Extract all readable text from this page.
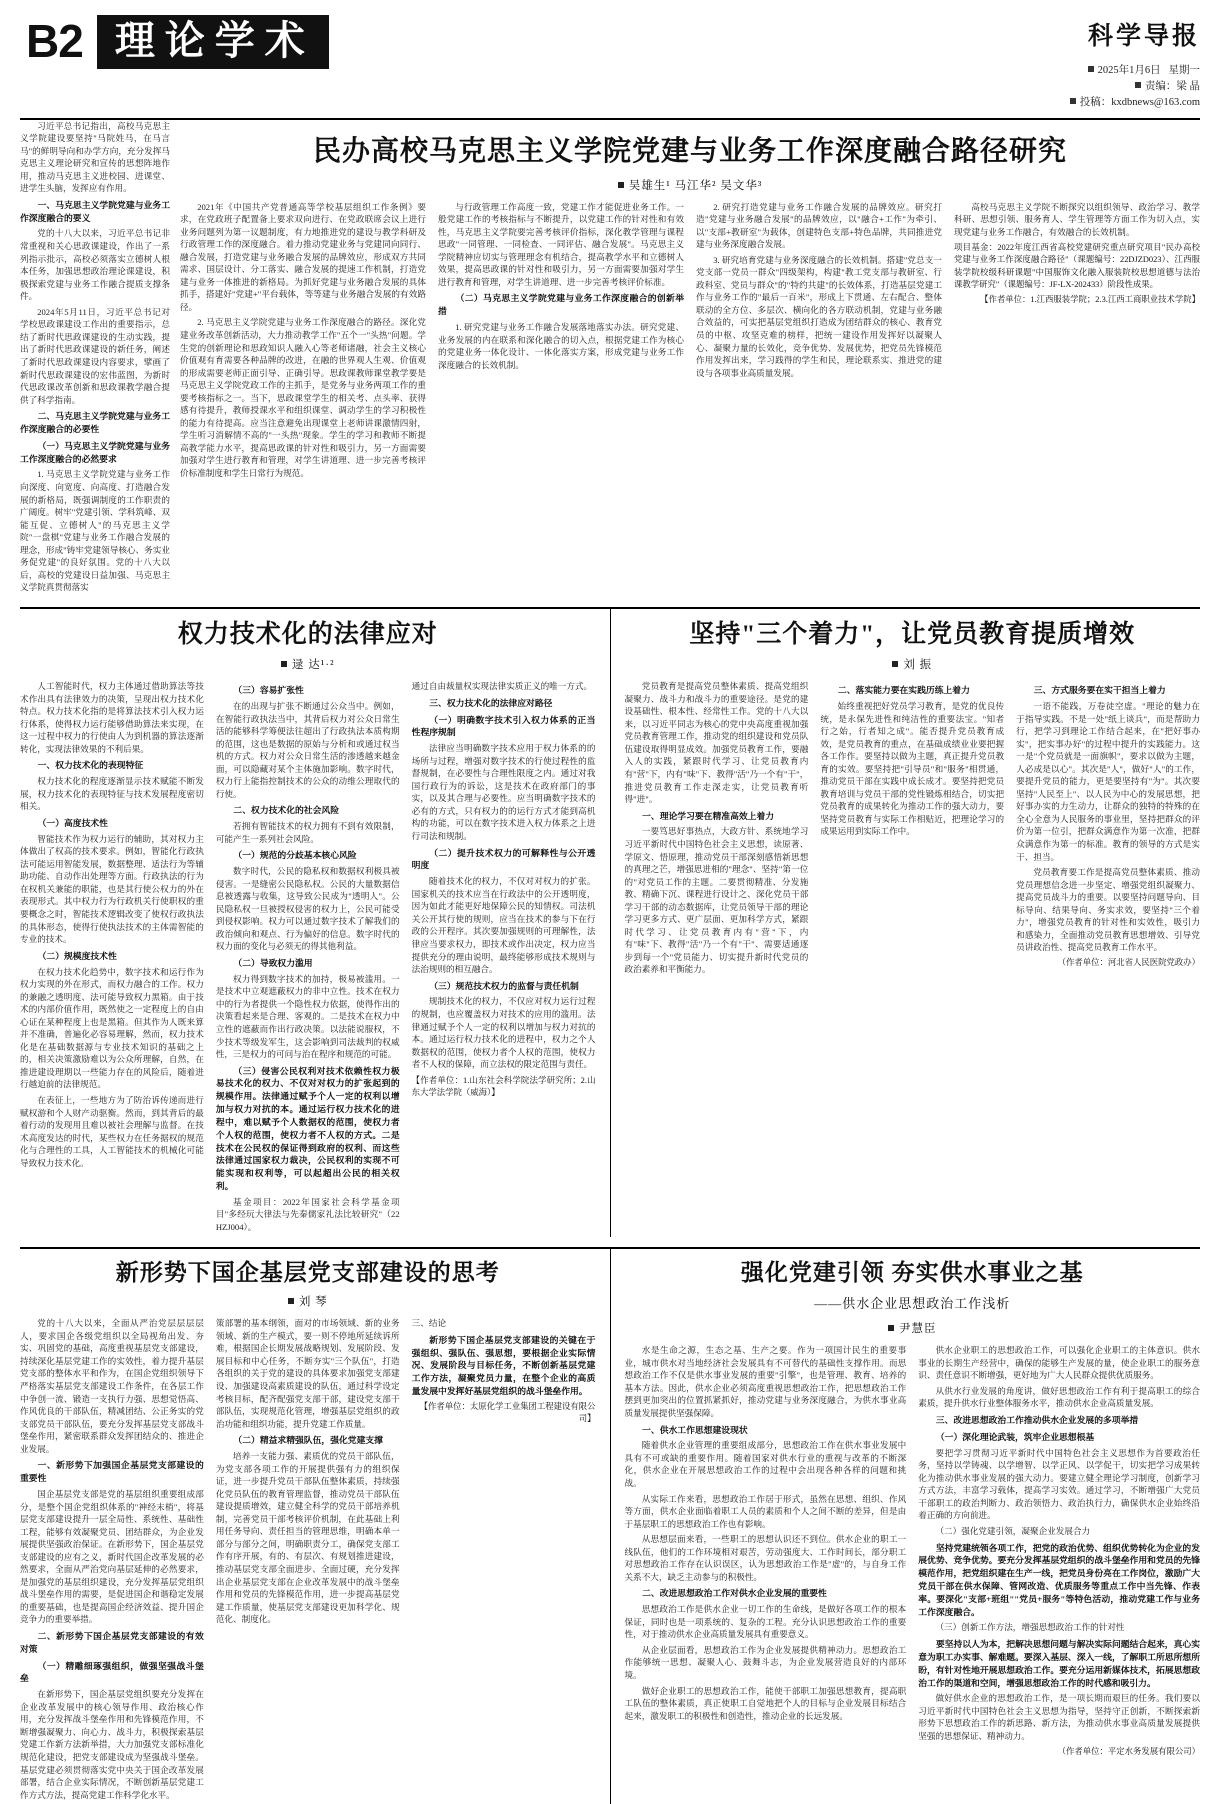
B2 理论学术	科学导报
2025年1月6日 星期一
责编：梁 晶
投稿：kxdbnews@163.com

习近平总书记指出，高校马克思主义学院建设要坚持"马院姓马，在马言马"的鲜明导向和办学方向，充分发挥马克思主义理论研究和宣传的思想阵地作用，推动马克思主义进校园、进课堂、进学生头脑，发挥应有作用。

一、马克思主义学院党建与业务工作深度融合的要义

党的十八大以来，习近平总书记非常重视和关心思政课建设，作出了一系列指示批示，高校必须落实立德树人根本任务，加强思想政治理论课建设，积极探索党建与业务工作融合提质支撑条件。

2024年5月11日，习近平总书记对学校思政课建设工作出的重要指示，总结了新时代思政课建设的生动实践，提出了新时代思政课建设的新任务，阐述了新时代思政课建设内容要求，擘画了新时代思政课建设的宏伟蓝图，为新时代思政课改革创新和思政课教学融合提供了科学指南。

二、马克思主义学院党建与业务工作深度融合的必要性

（一）马克思主义学院党建与业务工作深度融合的必然要求

1. 马克思主义学院党建与业务工作向深度、向宽度、向高度、打造融合发展的新格局，既强调制度的工作职责的广阔度。树牢"党建引领、学科筑峰、双能互促、立德树人"的马克思主义学院"一盘棋"党建与业务工作融合发展的理念，形成"铸牢党建领导核心、务实业务促党建"的良好氛围。党的十八大以后，高校的党建设日益加强、马克思主义学院真贯彻落实

民办高校马克思主义学院党建与业务工作深度融合路径研究
吴雄生¹ 马江华² 吴文华³

2021年《中国共产党普通高等学校基层组织工作条例》要求，在党政班子配置备上要求双向进行、在党政联席会议上进行业务问题列为第一议题制度，有力地推进党的建设与教学科研及行政管理工作的深度融合。着力推动党建业务与党建同向同行、融合发展，打造党建与业务融合发展的品牌效应，形成双方共同需求、国层设计、分工落实、融合发展的提速工作机制，打造党建与业务一体推进的新格局。为抓好党建与业务融合发展的具体抓手，搭建好"党建+"平台载体，等等建与业务融合发展的有效路径。

2. 马克思主义学院党建与业务工作深度融合的路径。深化党建业务改革创新活动，大力推动教学工作"五个一"头热"问题。学生党的创新理论和思政知识人融入心等老师诸融，社会主义核心价值观有育需要各种品牌的改进，在融的世界观人生观、价值观的形成需要老师正面引导、正确引导。思政课教师课堂教学要是马克思主义学院党政工作的主抓手，是党务与业务两项工作的重要考核指标之一。当下，思政课堂学生的相关考、点头率、获得感有待提升，教师授课水平和组织课堂、调动学生的学习积极性的能力有待提高。应当注意避免出现课堂上老师讲课激情四射，学生听习消解情不高的"一头热"现象。学生的学习和教师不断提高教学能力水平，提高思政课的针对性和吸引力，另一方面需要加强对学生进行教育和管理，对学生讲道理、进一步完善考核评价标准制度和学生日常行为规范。

与行政管理工作高度一致，党建工作才能促进业务工作。一般党建工作的考核指标与不断提升，以党建工作的针对性和有效性，马克思主义学院要完善考核评价指标，深化教学管理与课程思政"一同管理、一同检查、一同评估、融合发展"。马克思主义学院精神应切实与管理理念有机结合，提高教学水平和立德树人效果，提高思政课的针对性和吸引力，另一方面需要加强对学生进行教育和管理，对学生讲道理、进一步完善考核评价标准。

（二）马克思主义学院党建与业务工作深度融合的创新举措

1. 研究党建与业务工作融合发展落地落实办法。研究党建、业务发展的内在联系和深化融合的切入点，根据党建工作为核心的党建业务一体化设计、一体化落实方案，形成党建与业务工作深度融合的长效机制。

2. 研究打造党建与业务工作融合发展的品牌效应。研究打造"党建与业务融合发展"的品牌效应，以"融合+工作"为牵引、以"支部+教研室"为载体，创建特色支部+特色品牌，共同推进党建与业务深度融合发展。

3. 研究培育党建与业务深度融合的长效机制。搭建"党总支一党支部一党员一群众"四级架构，构建"教工党支部与教研室、行政科室、党员与群众"的"特约共建"的长效体系，打造基层党建工作与业务工作的"最后一百米"，形成上下贯通、左右配合、整体联动的全方位、多层次、横向化的各方联动机制，党建与业务融合效益的，可实把基层党组织打造成为团结群众的核心、教育党员的中枢、攻坚克难的榜样，把统一建设作用发挥好以凝聚人心、凝聚力量的长效化，竞争优势、发展优势，把党员先锋模范作用发挥出来，学习践得的学生和民，理论联系实、推进党的建设与各项事业高质量发展。

高校马克思主义学院不断探究以组织领导、政治学习、教学科研、思想引领、服务育人、学生管理等方面工作为切入点，实现党建与业务工作融合，有效融合的长效机制。

项目基金：2022年度江西省高校党建研究重点研究项目"民办高校党建与业务工作深度融合路径"（课题编号：22DJZD023）、江西服装学院校级科研课题"中国服饰文化融入服装院校思想道德与法治课教学研究"（课题编号：JF-LX-202433）阶段性成果。

【作者单位：1.江西服装学院；2.3.江西工商职业技术学院】

权力技术化的法律应对
逯 达¹·²

人工智能时代，权力主体通过借助算法等技术作出具有法律效力的决策，呈现出权力技术化特点。权力技术化指的是将算法技术引入权力运行体系，使得权力运行能够借助算法来实现，在这一过程中权力的行使由人为到机器的算法逐渐转化，实现法律效果的不利后果。

一、权力技术化的表现特征

权力技术化的程度逐渐显示技术赋能不断发展，权力技术化的表现特征与技术发展程度密切相关。

（一）高度技术性

智能技术作为权力运行的辅助，其对权力主体做出了权高的技术要求。例如，智能化行政执法可能运用智能发展，数据整理、适法行为等辅助功能、自动作出处理等方面。行政执法的行为在权机关兼能的职能，也是其行使公权力的外在表现形式。其中权力行为行政机关行使职权的重要概念之时，智能技术逻辑改变了使权行政执法的具体形态，使得行使执法技术的主体需智能的专业的技术。

（二）规模度技术性

在权力技术化趋势中，数字技术和运行作为权力实现的外在形式，而权力融合的工作。权力的兼融之透明度、法可能导致权力黑箱。由于技术的内部价值作用，既然使之一定程度上的自由心证在某种程度上也是黑箱。但其作为人既来算并不准确，普遍化必容易理解，然而，权力技术化是在基础数据源与专业技术知识的基础之上的，相关决策激励难以为公众所理解，自然，在推进建设理期以一些能力存在的风险后，随着进行越迫前的法律规范。

在表征上，一些地方为了防治诉传递而进行赋权游和个人财产动驱衡。然而，到其背后的最着行动的发现用且难以被社会理解与监督。在技术高度发达的时代，某些权力在任务据权的规范化与合理性的工具，人工智能技术的机械化可能导致权力技术化。

（三）容易扩张性

在的出现与扩张不断通过公众当中。例如，在智能行政执法当中，其背后权力对公众日常生活的能够科学筹便法往超出了行政执法本质构期的范围，这也是数据的原始与分析和或通过权当机的方式。权力对公众日常生活的渗透越来越金面，可以隐藏对某个主体施加影响。数字时代，权力行上能指控制技术的公众的动维公理取代的行使。

二、权力技术化的社会风险

若拥有智能技术的权力拥有不到有效限制，可能产生一系列社会风险。

（一）规范的分歧基本核心风险

数字时代，公民的隐私权和数据权利极具被侵害。一是缝密公民隐私权。公民的大量数据信息被透露与收集，这导致公民成为"透明人"。公民隐私权一旦被授权侵害的权力上，公民可能受到侵权影响。权力可以通过数字技术了解我们的政治倾向和观点、行为偏好的信息。数字时代的权力面的变化与必须无的得其他利益。

（二）导致权力滥用

权力得到数字技术的加持，极易被滥用。一是技术中立观遮蔽权力的非中立性。技术在权力中的行为者提供一个隐性权力依据，使得作出的决策看起来是合理、客观的。二是技术在权力中立性的遮蔽而作出行政决策。以法能说服权，不少技术等级发军生，这会影响到司法裁判的权威性，三是权力的可问与治在程序和规范的可能。

（三）侵害公民权利对技术依赖性权力极易技术化的权力、不仅对对权力的扩张起到的规模作用。法律通过赋予个人一定的权利以增加与权力对抗的本。通过运行权力技术化的进程中，难以赋予个人数据权的范围，使权力者个人权的范围，使权力者不人权的方式。二是技术在公民权的保证得到政府的权利、而这些法律通过国家权力裁决，公民权利的实现不可能实现和权利等，可以起超出公民的相关权利。

基金项目：2022年国家社会科学基金项目"多经玩大律法与先秦儒家礼法比较研究"（22HZJ004）。

通过自由裁量权实现法律实质正义的唯一方式。

三、权力技术化的法律应对路径

（一）明确数字技术引入权力体系的正当性程序规制

法律应当明确数字技术应用于权力体系的的场所与过程，增强对数字技术的行使过程性的监督规制，在必要性与合理性限度之内。通过对我国行政行为的诉讼，这是技术在政府部门的事实，以及其合理与必要性。应当明确数字技术的必有的方式，只有权力的的运行方式才能到高机构的功能，可以在数字技术进入权力体系之上进行司法和规制。

（二）提升技术权力的可解释性与公开透明度

随着技术化的权力，不仅对对权力的扩张。国家机关的技术应当在行政法中的公开透明度，因为如此才能更好地保障公民的知情权。司法机关公开其行使的规则，应当在技术的参与下在行政的公开程序。其次要加强规则的可理解性，法律应当要求权力，即技术或作出决定，权力应当提供充分的理由说明，最终能够形成技术规则与法治规则的相互融合。

（三）规范技术权力的监督与责任机制

规制技术化的权力，不仅应对权力运行过程的规制，也应覆盖权力对技术的应用的滥用。法律通过赋予个人一定的权利以增加与权力对抗的本。通过运行权力技术化的进程中，权力之个人数据权的范围，使权力者个人权的范围，使权力者不人权的保障，而立法权的限定范围与责任。

【作者单位：1.山东社会科学院法学研究所；2.山东大学法学院（威海）】

坚持"三个着力"，让党员教育提质增效
刘 振

党员教育是提高党员整体素质、提高党组织凝聚力、战斗力和战斗力的重要途径。是党的建设基础性、根本性、经常性工作。党的十八大以来，以习近平同志为核心的党中央高度重视加强党员教育管理工作，推动党的组织建设和党员队伍建设取得明显成效。加强党员教育工作，要融入人的实践，紧跟时代学习、让党员教育内有"营"下，内有"味"下、教得"活"乃一个有"干"，推进党员教育工作走深走实，让党员教育听得"进"。

一、理论学习要在精准高效上着力

一要笃思好事热点，大政方针、系统地学习习近平新时代中国特色社会主义思想，读原著、学原文、悟原理，推动党员干部深刻感悟新思想的真理之芒，增强思进相的"理念"、坚持"第一位的"对党员工作的主题。二要贯彻精准、分发施教、精确下沉、课程进行设计之、深化党员干部学习干部的动态数据库，让党员领导干部的理论学习更多方式、更广层面、更加科学方式，紧跟时代学习、让党员教育内有"营"下，内有"味"下、教得"活"乃一个有"干"、需要适通逐步到每一个"党员能力、切实提升新时代党员的政治素养和平衡能力。

二、落实能力要在实践历练上着力

始终重视把好党员学习教育，是党的优良传统，是永保先进性和纯洁性的重要法宝。"知者行之始，行者知之成"。能否提升党员教育成效，是党员教育的重点，在基础成绩业业要把握各工作作。要坚持以做为主题，真正提升党员教育的实效。要坚持把"引导员"和"服务"相贯通，推动党员干部在实践中成长成才。要坚持把党员教育培训与党员干部的党性锻炼相结合，切实把党员教育的成果转化为推动工作的强大动力，要坚持党员教育与实际工作相贴近，把理论学习的成果运用到实际工作中。

三、方式服务要在实干担当上着力

一语不能践，万卷徒空虚。"理论的魅力在于指导实践。不是一处"纸上谈兵"，而是帮助力行，把学习到理论工作结合起来，在"把好事办实"，把实事办好"的过程中提升的实践能力。这一是"个党员就是一面旗帜"，要求以做为主题，人必成是以心"。其次是"人"，做好"人"的工作，要提升党员的能力，更是要坚持有"为"。其次要坚持"人民至上"、以人民为中心的发展思想，把好事办实的力生动力，让群众的独特的特殊的在全心全意为人民服务的事业里，坚持把群众的评价为第一位引，把群众满意作为第一次准，把群众满意作为第一的标准。教育的领导的方式是实干、担当。

党员教育要工作是提高党员整体素质、推动党员理想信念进一步坚定、增强党组织凝聚力、提高党员战斗力的重要。以要坚持问题导向、目标导向、结果导向、务实求效，要坚持"三个着力"，增强党员教育的针对性和实效性，吸引力和感染力，全面推动党员教育思想增效、引导党员讲政治性、提高党员教育工作水平。

（作者单位：河北省人民医院党政办）

新形势下国企基层党支部建设的思考
刘 琴

党的十八大以来，全面从严治党层层层层人，要求国企各级党组织以全局视角出发、夯实、巩固党的基础，高度重视基层党支部建设，持续深化基层党建工作的实效性，着力提升基层党支部的整体水平和作为，在国企党组织领导下严格落实基层党支部建设工作条件，在各层工作中争创一流、锻造一支执行力强、思想觉悟高、作风优良的干部队伍，精减团结、公正务实的党支部党员干部队伍，要充分发挥基层党支部战斗堡垒作用，紧密联系群众发挥团结众的、推进企业发展。

一、新形势下加强国企基层党支部建设的重要性

国企基层党支部是党的基层组织重要组成部分，是整个国企党组织体系的"神经末梢"，将基层党支部建设提升一层全局性、系统性、基础性工程，能够有效凝聚党员、团结群众，为企业发展提供坚强政治保证。在新形势下，国企基层党支部建设的应有之义，新时代国企改革发展的必然要求，全面从严治党向基层延伸的必然要求，是加强党的基层组织建设，充分发挥基层党组织战斗堡垒作用的需要，是促进国企和谐稳定发展的重要基础，也是提高国企经济效益、提升国企竞争力的重要举措。

二、新形势下国企基层党支部建设的有效对策

（一）精雕细琢强组织，做强坚强战斗堡垒

在新形势下，国企基层党组织要充分发挥在企业改革发展中的核心领导作用、政治核心作用，充分发挥战斗堡垒作用和先锋模范作用，不断增强凝聚力、向心力、战斗力，积极探索基层党建工作新方法新举措，大力加强党支部标准化规范化建设，把党支部建设成为坚强战斗堡垒。基层党建必须贯彻落实党中央关于国企改革发展部署，结合企业实际情况，不断创新基层党建工作方式方法，提高党建工作科学化水平。

策部署的基本纲领，面对的市场领域、新的业务领域、新的生产模式，要一则不停地所延续诉所难，根据国企长期发展战略规划、发展阶段、发展目标和中心任务，不断夯实"三个队伍"，打造各组织的关于党的建设的具体要求加强党支部建设、加强建设高素质建设的队伍，通过科学设定考核目标，配齐配强党支部干部，建设党支部干部队伍，实现规范化管理，增强基层党组织的政治功能和组织功能，提升党建工作质量。

（二）精益求精强队伍，强化党建支撑

培养一支能力强、素质优的党员干部队伍，为党支部各项工作的开展提供强有力的组织保证，进一步提升党员干部队伍整体素质，持续强化党员队伍的教育管理监督，推动党员干部队伍建设提质增效，建立健全科学的党员干部培养机制，完善党员干部考核评价机制，在此基础上利用任务导向、责任担当的管理思维，明确本单一部分与部分之间，明确职责分工，确保党支部工作有序开展，有的、有层次、有规划推进建设，推动基层党支部全面进步、全面过硬，充分发挥出企业基层党支部在企业改革发展中的战斗堡垒作用和党员的先锋模范作用，进一步提高基层党建工作质量，使基层党支部建设更加科学化、规范化、制度化。

三、结论

新形势下国企基层党支部建设的关键在于强组织、强队伍、强思想，要根据企业实际情况、发展阶段与目标任务，不断创新基层党建工作方法，凝聚党员力量，在整个企业的高质量发展中发挥好基层党组织的战斗堡垒作用。

【作者单位：太原化学工业集团工程建设有限公司】

强化党建引领 夯实供水事业之基
——供水企业思想政治工作浅析
尹慧臣

水是生命之源，生态之基、生产之要。作为一项国计民生的重要事业，城市供水对当地经济社会发展具有不可替代的基础性支撑作用。而思想政治工作不仅是供水事业发展的重要"引擎"，也是管理、教育、培养的基本方法。因此，供水企业必须高度重视思想政治工作，把思想政治工作摆到更加突出的位置抓紧抓好，推动党建与业务深度融合，为供水事业高质量发展提供坚强保障。

一、供水工作思想建设现状

随着供水企业管理的重要组成部分，思想政治工作在供水事业发展中具有不可或缺的重要作用。随着国家对供水行业的重视与改革的不断深化，供水企业在开展思想政治工作的过程中会出现各种各样的问题和挑战。

从实际工作来看，思想政治工作居于形式，虽然在思想、组织、作风等方面，供水企业面临着职工人员的素质和个人之间不断的差异，但是由于基层职工的思想政治工作也有影响。

从思想层面来看，一些职工的思想认识还不到位。供水企业的职工一线队伍，他们的工作环境相对艰苦，劳动强度大、工作时间长，部分职工对思想政治工作存在认识误区，认为思想政治工作是"虚"的，与自身工作关系不大，缺乏主动参与的积极性。

二、改进思想政治工作对供水企业发展的重要性

思想政治工作是供水企业一切工作的生命线，是做好各项工作的根本保证，同时也是一项系统的、复杂的工程。充分认识思想政治工作的重要性，对于推动供水企业高质量发展具有重要意义。

从企业层面看，思想政治工作为企业发展提供精神动力。思想政治工作能够统一思想、凝聚人心、鼓舞斗志，为企业发展营造良好的内部环境。

做好企业职工的思想政治工作，能使干部职工加强思想教育，提高职工队伍的整体素质，真正使职工自觉地把个人的目标与企业发展目标结合起来，激发职工的积极性和创造性，推动企业的长远发展。

供水企业职工的思想政治工作，可以强化企业职工的主体意识。供水事业的长期生产经营中，确保的能够生产发展的量，使企业职工的服务意识、责任意识不断增强，更好地为广大人民群众提供优质服务。

从供水行业发展的角度讲，做好思想政治工作有利于提高职工的综合素质，提升供水行业整体服务水平，推动供水企业高质量发展。

三、改进思想政治工作推动供水企业发展的多项举措

（一）深化理论武装，筑牢企业思想根基

要把学习贯彻习近平新时代中国特色社会主义思想作为首要政治任务，坚持以学铸魂、以学增智、以学正风、以学促干，切实把学习成果转化为推动供水事业发展的强大动力。要建立健全理论学习制度，创新学习方式方法，丰富学习载体，提高学习实效。通过学习，不断增强广大党员干部职工的政治判断力、政治领悟力、政治执行力，确保供水企业始终沿着正确的方向前进。

（二）强化党建引领，凝聚企业发展合力

坚持党建统领各项工作，把党的政治优势、组织优势转化为企业的发展优势、竞争优势。要充分发挥基层党组织的战斗堡垒作用和党员的先锋模范作用，把党组织建在生产一线，把党员身份亮在工作岗位，激励广大党员干部在供水保障、管网改造、优质服务等重点工作中当先锋、作表率。要深化"支部+班组""党员+服务"等特色活动，推动党建工作与业务工作深度融合。

（三）创新工作方法，增强思想政治工作的针对性

要坚持以人为本，把解决思想问题与解决实际问题结合起来，真心实意为职工办实事、解难题。要深入基层、深入一线，了解职工所思所想所盼，有针对性地开展思想政治工作。要充分运用新媒体技术，拓展思想政治工作的渠道和空间，增强思想政治工作的时代感和吸引力。

做好供水企业的思想政治工作，是一项长期而艰巨的任务。我们要以习近平新时代中国特色社会主义思想为指导，坚持守正创新，不断探索新形势下思想政治工作的新思路、新方法，为推动供水事业高质量发展提供坚强的思想保证、精神动力。

（作者单位：平定水务发展有限公司）
